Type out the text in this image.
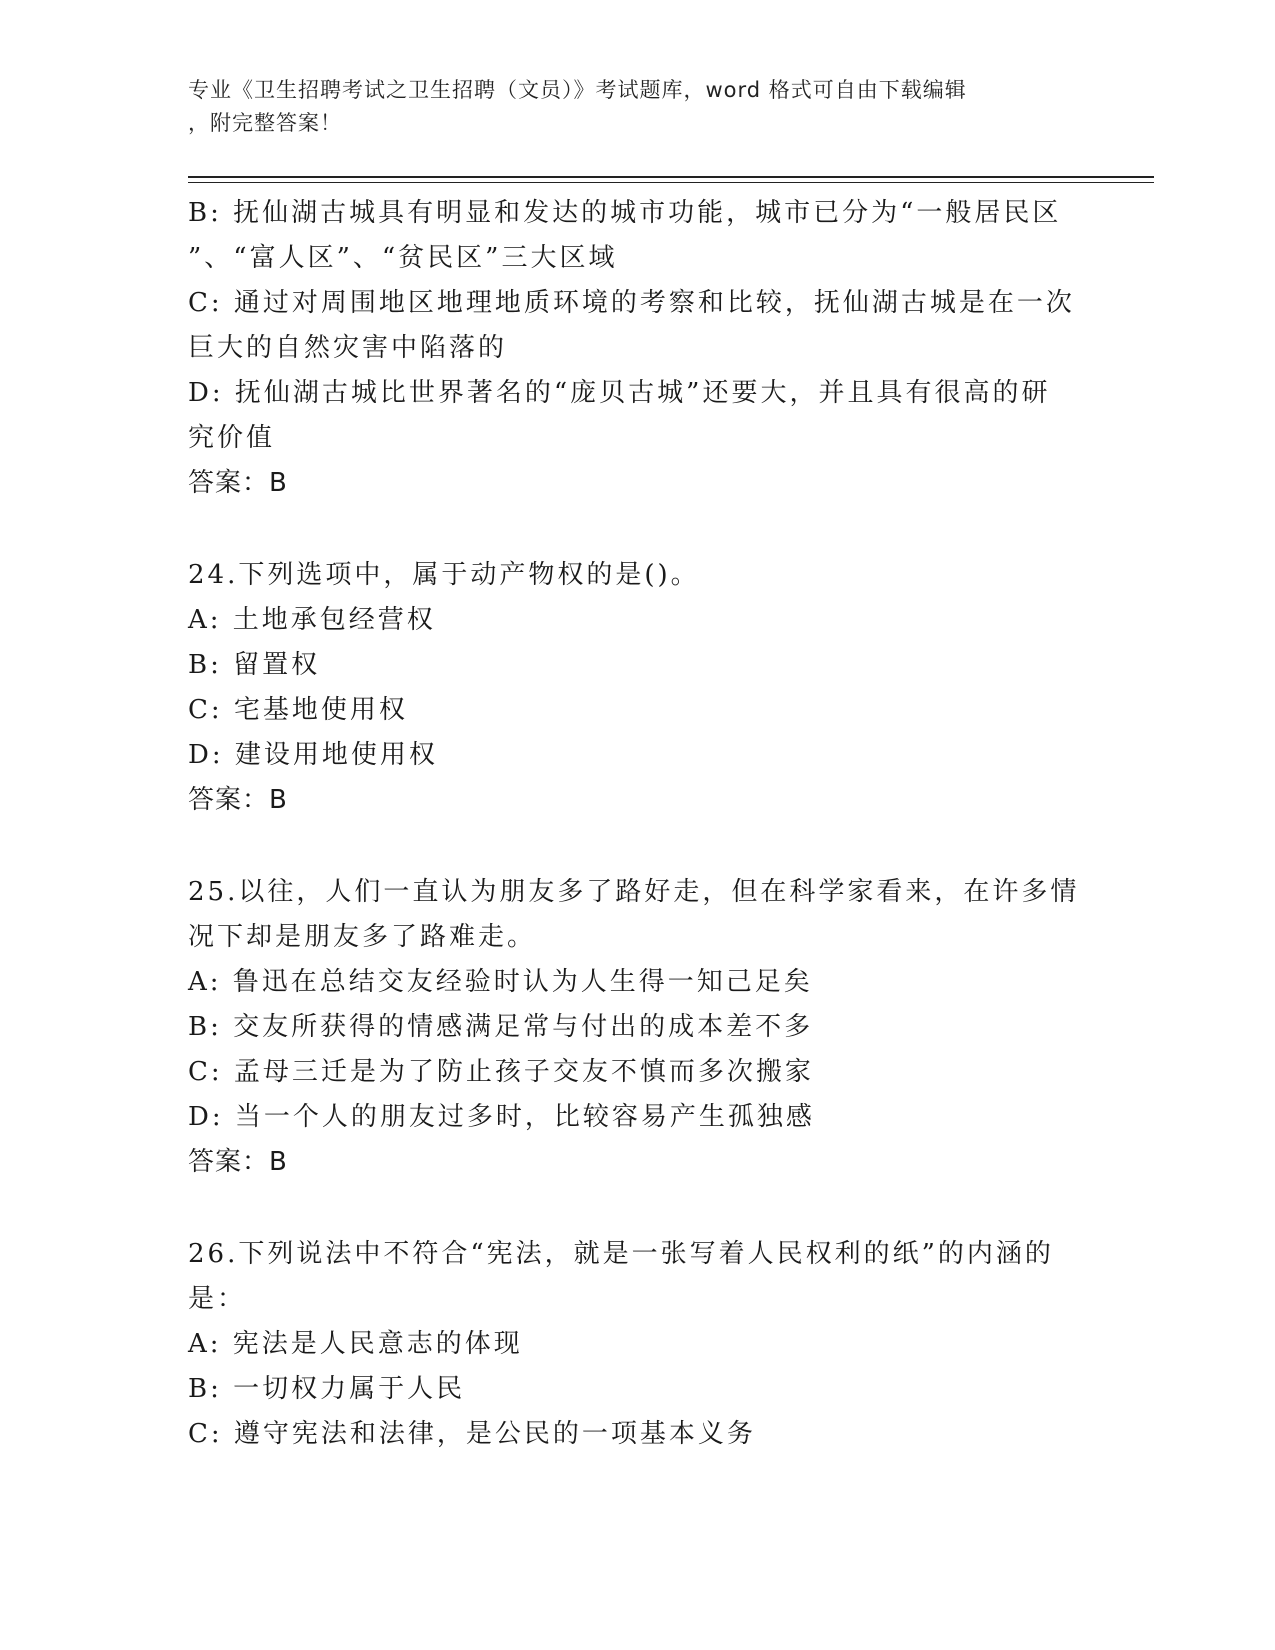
专业《卫生招聘考试之卫生招聘（文员）》考试题库，word 格式可自由下载编辑
，附完整答案！
B: 抚仙湖古城具有明显和发达的城市功能，城市已分为“一般居民区
”、“富人区”、“贫民区”三大区域
C: 通过对周围地区地理地质环境的考察和比较，抚仙湖古城是在一次
巨大的自然灾害中陷落的
D: 抚仙湖古城比世界著名的“庞贝古城”还要大，并且具有很高的研
究价值
答案：B
24.下列选项中，属于动产物权的是()。
A: 土地承包经营权
B: 留置权
C: 宅基地使用权
D: 建设用地使用权
答案：B
25.以往，人们一直认为朋友多了路好走，但在科学家看来，在许多情
况下却是朋友多了路难走。
A: 鲁迅在总结交友经验时认为人生得一知己足矣
B: 交友所获得的情感满足常与付出的成本差不多
C: 孟母三迁是为了防止孩子交友不慎而多次搬家
D: 当一个人的朋友过多时，比较容易产生孤独感
答案：B
26.下列说法中不符合“宪法，就是一张写着人民权利的纸”的内涵的
是：
A: 宪法是人民意志的体现
B: 一切权力属于人民
C: 遵守宪法和法律，是公民的一项基本义务
